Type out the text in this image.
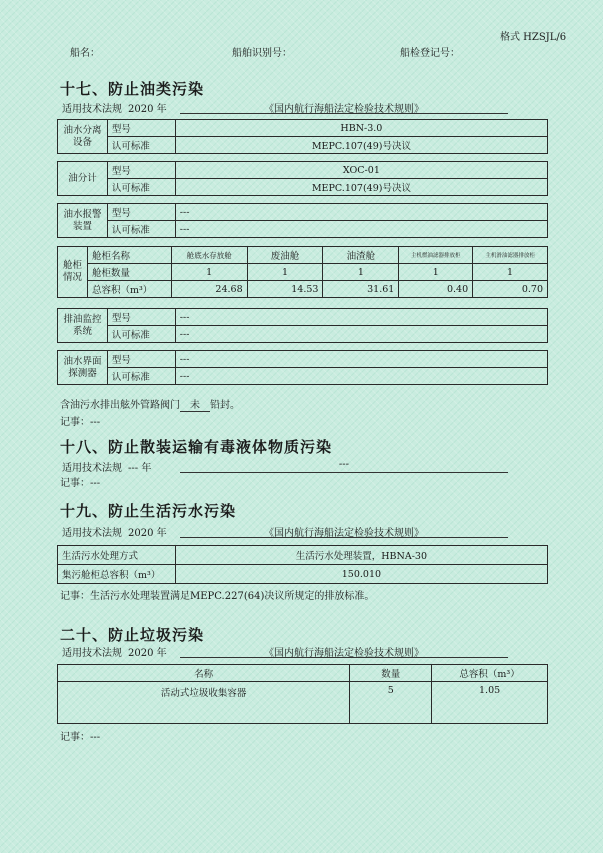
格式 HZSJL/6
船名：	船舶识别号：	船检登记号：
十七、防止油类污染
适用技术法规 2020 年	《国内航行海船法定检验技术规则》
油水分离设备	型号	HBN-3.0
	认可标准	MEPC.107(49)号决议
油分计	型号	XOC-01
	认可标准	MEPC.107(49)号决议
油水报警装置	型号	---
	认可标准	---
舱柜情况	舱柜名称	舱底水存放舱	废油舱	油渣舱	主机燃油滤器排放柜	主机滑油滤器排放柜
	舱柜数量	1	1	1	1	1
	总容积（m³）	24.68	14.53	31.61	0.40	0.70
排油监控系统	型号	---
	认可标准	---
油水界面探测器	型号	---
	认可标准	---
含油污水排出舷外管路阀门 未 铅封。
记事：---
十八、防止散装运输有毒液体物质污染
适用技术法规 --- 年	---
记事：---
十九、防止生活污水污染
适用技术法规 2020 年	《国内航行海船法定检验技术规则》
生活污水处理方式	生活污水处理装置，HBNA-30
集污舱柜总容积（m³）	150.010
记事：生活污水处理装置满足MEPC.227(64)决议所规定的排放标准。
二十、防止垃圾污染
适用技术法规 2020 年	《国内航行海船法定检验技术规则》
名称	数量	总容积（m³）
活动式垃圾收集容器	5	1.05
记事：---
